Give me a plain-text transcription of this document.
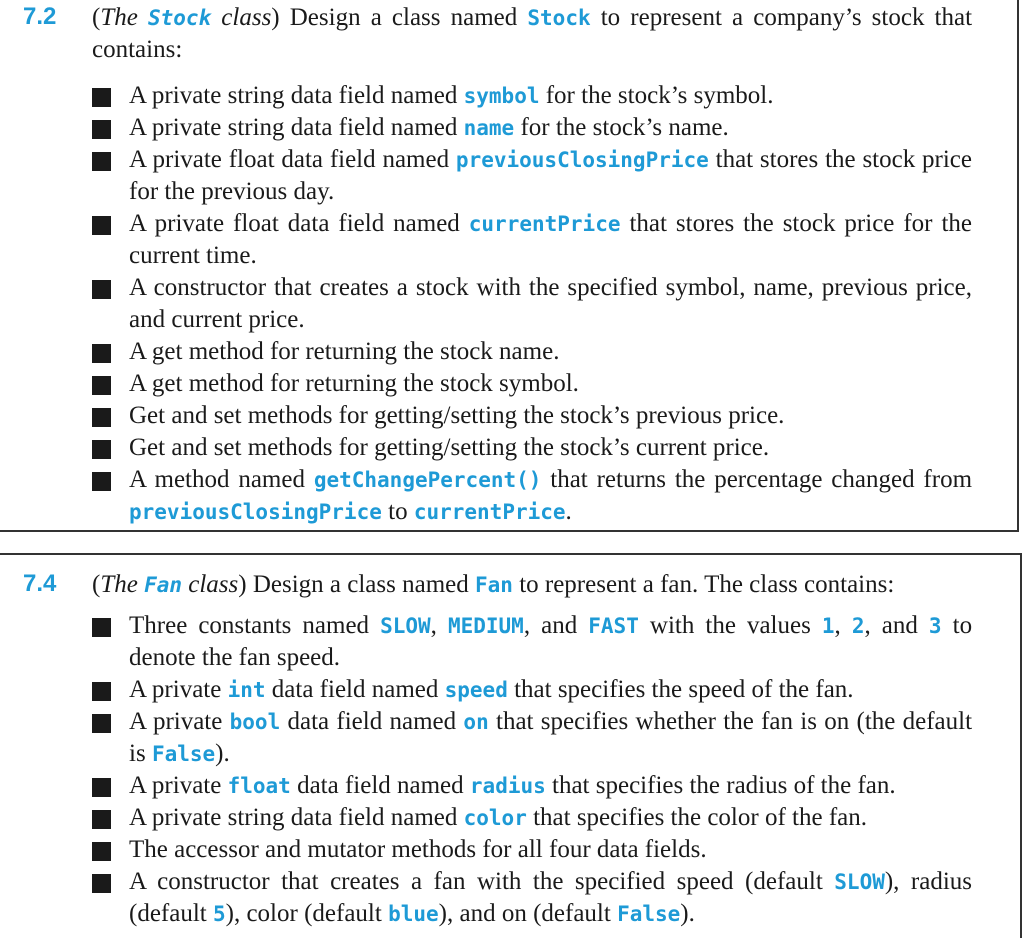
7.2 (The Stock class) Design a class named Stock to represent a company’s stock that contains:
A private string data field named symbol for the stock’s symbol.
A private string data field named name for the stock’s name.
A private float data field named previousClosingPrice that stores the stock price for the previous day.
A private float data field named currentPrice that stores the stock price for the current time.
A constructor that creates a stock with the specified symbol, name, previous price, and current price.
A get method for returning the stock name.
A get method for returning the stock symbol.
Get and set methods for getting/setting the stock’s previous price.
Get and set methods for getting/setting the stock’s current price.
A method named getChangePercent() that returns the percentage changed from previousClosingPrice to currentPrice.
7.4 (The Fan class) Design a class named Fan to represent a fan. The class contains:
Three constants named SLOW, MEDIUM, and FAST with the values 1, 2, and 3 to denote the fan speed.
A private int data field named speed that specifies the speed of the fan.
A private bool data field named on that specifies whether the fan is on (the default is False).
A private float data field named radius that specifies the radius of the fan.
A private string data field named color that specifies the color of the fan.
The accessor and mutator methods for all four data fields.
A constructor that creates a fan with the specified speed (default SLOW), radius (default 5), color (default blue), and on (default False).
